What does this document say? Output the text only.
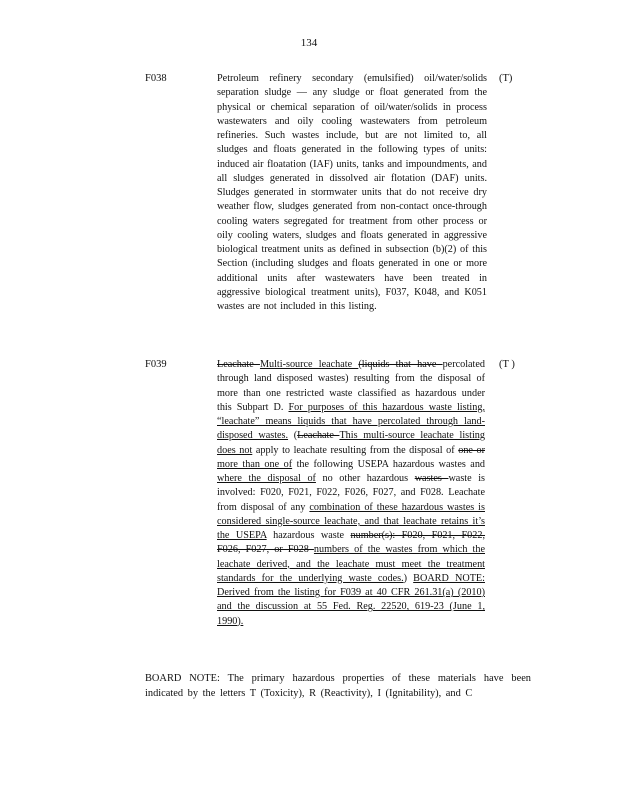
134
F038	Petroleum refinery secondary (emulsified) oil/water/solids separation sludge — any sludge or float generated from the physical or chemical separation of oil/water/solids in process wastewaters and oily cooling wastewaters from petroleum refineries. Such wastes include, but are not limited to, all sludges and floats generated in the following types of units: induced air floatation (IAF) units, tanks and impoundments, and all sludges generated in dissolved air flotation (DAF) units. Sludges generated in stormwater units that do not receive dry weather flow, sludges generated from non-contact once-through cooling waters segregated for treatment from other process or oily cooling waters, sludges and floats generated in aggressive biological treatment units as defined in subsection (b)(2) of this Section (including sludges and floats generated in one or more additional units after wastewaters have been treated in aggressive biological treatment units), F037, K048, and K051 wastes are not included in this listing.
(T)
F039	Leachate Multi-source leachate (liquids that have percolated through land disposed wastes) resulting from the disposal of more than one restricted waste classified as hazardous under this Subpart D. For purposes of this hazardous waste listing, “leachate” means liquids that have percolated through land-disposed wastes. (Leachate This multi-source leachate listing does not apply to leachate resulting from the disposal of one or more than one of the following USEPA hazardous wastes and where the disposal of no other hazardous wastes waste is involved: F020, F021, F022, F026, F027, and F028. Leachate from disposal of any combination of these hazardous wastes is considered single-source leachate, and that leachate retains it’s the USEPA hazardous waste number(s): F020, F021, F022, F026, F027, or F028 numbers of the wastes from which the leachate derived, and the leachate must meet the treatment standards for the underlying waste codes.) BOARD NOTE: Derived from the listing for F039 at 40 CFR 261.31(a) (2010) and the discussion at 55 Fed. Reg. 22520, 619-23 (June 1, 1990).
(T )
BOARD NOTE: The primary hazardous properties of these materials have been indicated by the letters T (Toxicity), R (Reactivity), I (Ignitability), and C
